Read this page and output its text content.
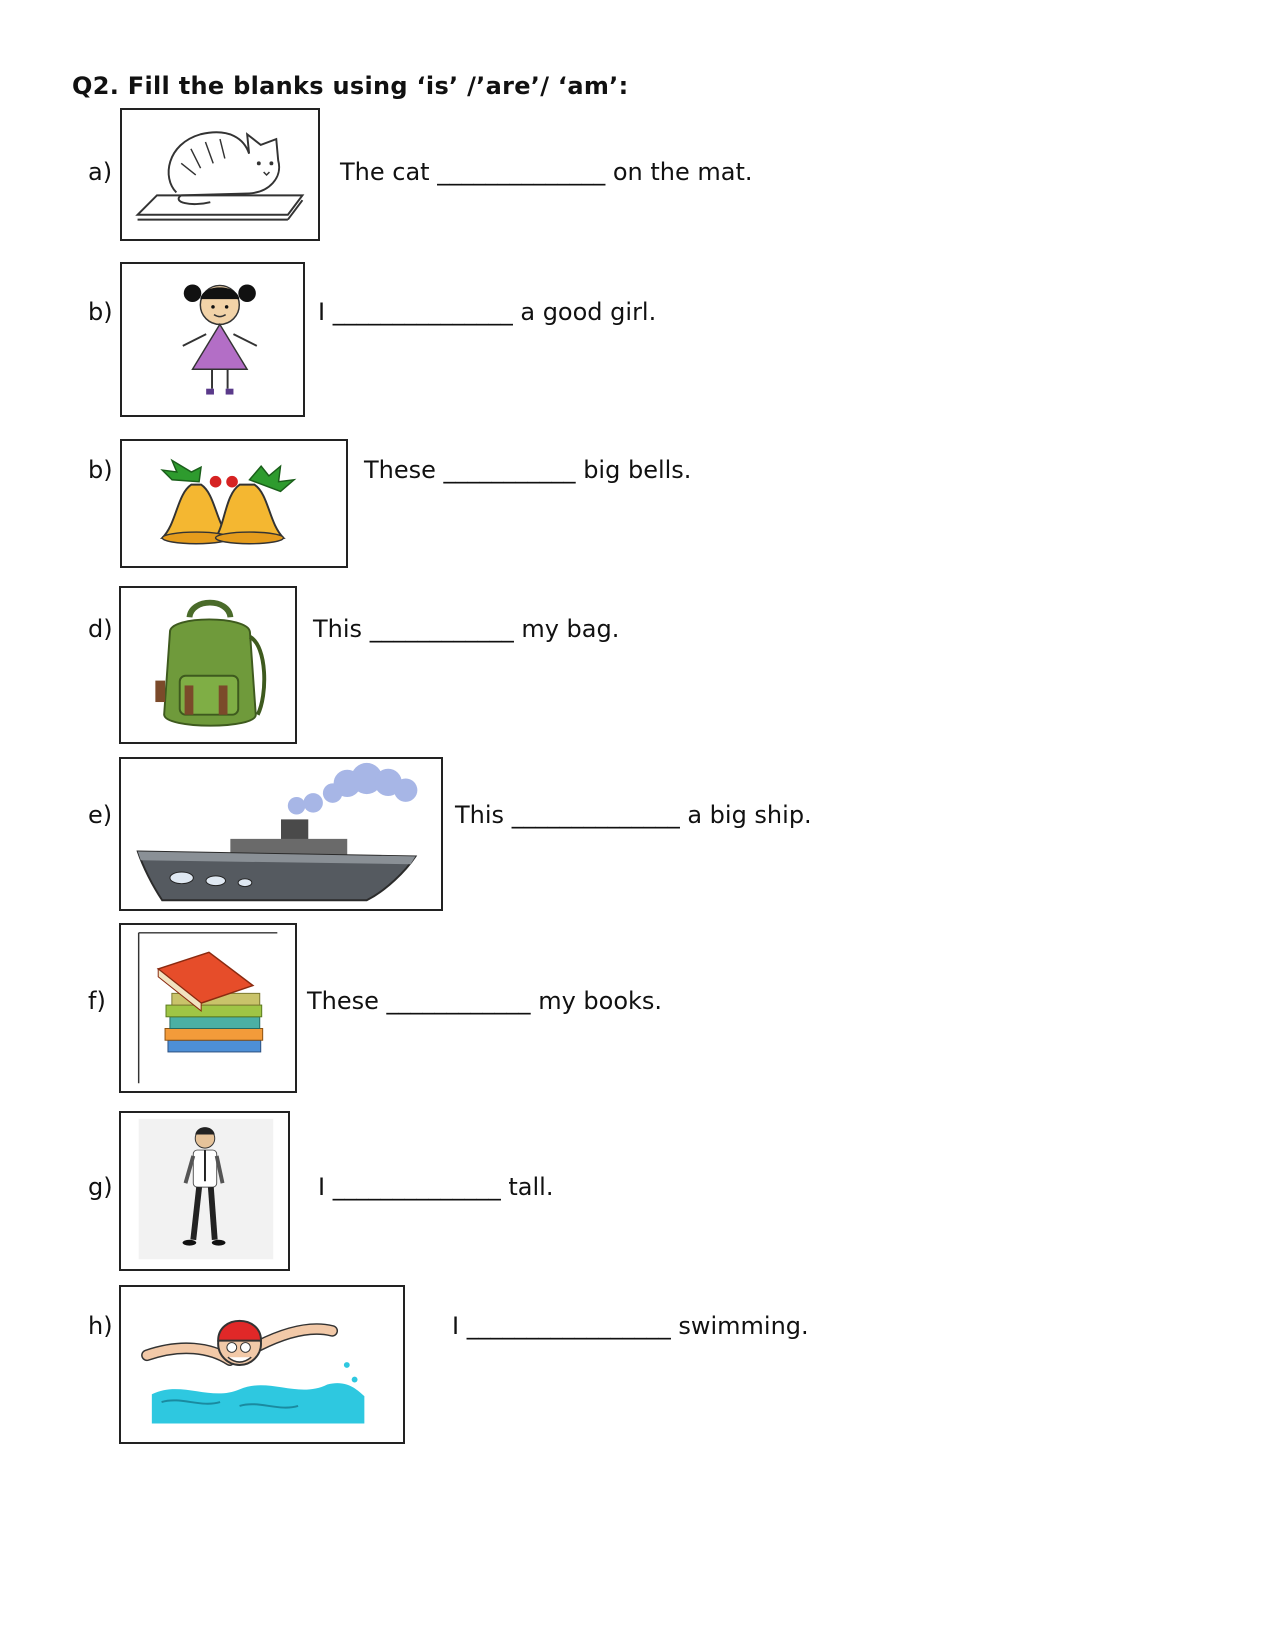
Q2. Fill the blanks using ‘is’ /’are’/ ‘am’:
a)	The cat ______________ on the mat.
b)	I _______________ a good girl.
b)	These ___________ big bells.
d)	This ____________ my bag.
e)	This ______________ a big ship.
f)	These ____________ my books.
g)	I ______________ tall.
h)	I _________________ swimming.
